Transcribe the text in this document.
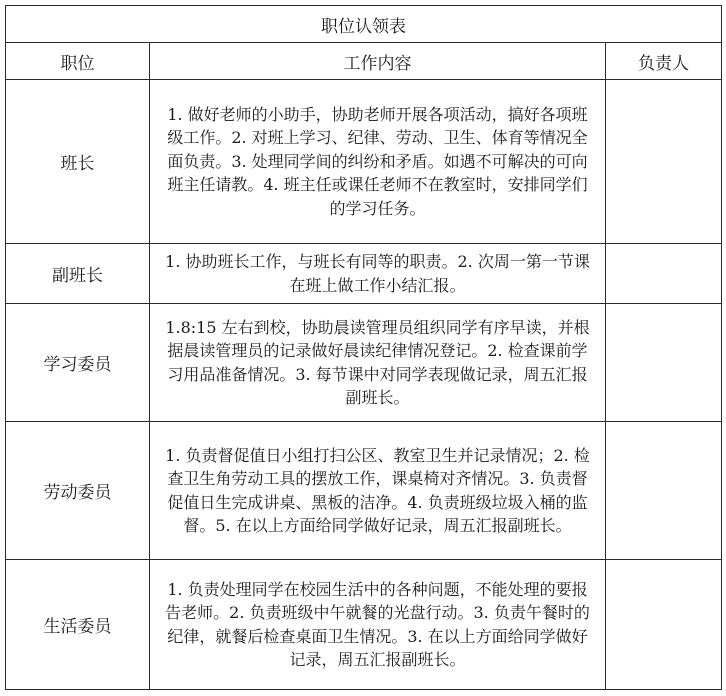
职位认领表		
职位	工作内容	负责人
班长	1. 做好老师的小助手，协助老师开展各项活动，搞好各项班级工作。2. 对班上学习、纪律、劳动、卫生、体育等情况全面负责。3. 处理同学间的纠纷和矛盾。如遇不可解决的可向班主任请教。4. 班主任或课任老师不在教室时，安排同学们的学习任务。	

副班长	1. 协助班长工作，与班长有同等的职责。2. 次周一第一节课在班上做工作小结汇报。	

学习委员	1.8:15 左右到校，协助晨读管理员组织同学有序早读，并根据晨读管理员的记录做好晨读纪律情况登记。2. 检查课前学习用品准备情况。3. 每节课中对同学表现做记录，周五汇报副班长。	

劳动委员	1. 负责督促值日小组打扫公区、教室卫生并记录情况；2. 检查卫生角劳动工具的摆放工作，课桌椅对齐情况。3. 负责督促值日生完成讲桌、黑板的洁净。4. 负责班级垃圾入桶的监督。5. 在以上方面给同学做好记录，周五汇报副班长。	

生活委员	1. 负责处理同学在校园生活中的各种问题，不能处理的要报告老师。2. 负责班级中午就餐的光盘行动。3. 负责午餐时的纪律，就餐后检查桌面卫生情况。3. 在以上方面给同学做好记录，周五汇报副班长。	
